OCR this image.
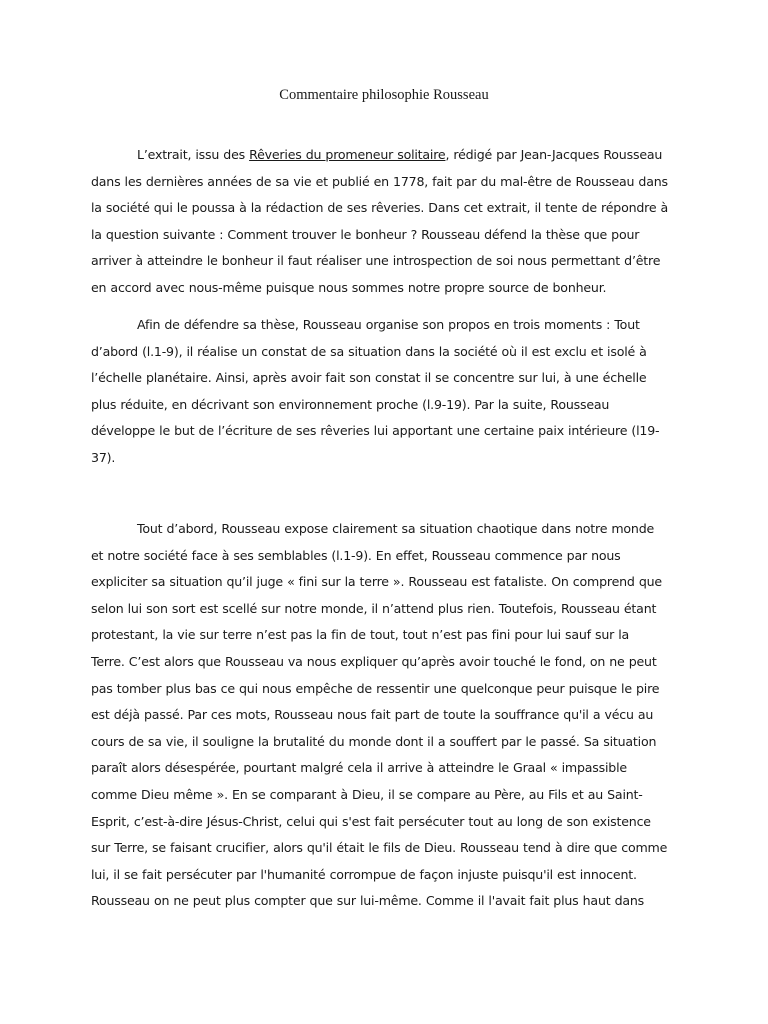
Commentaire philosophie Rousseau
L’extrait, issu des Rêveries du promeneur solitaire, rédigé par Jean-Jacques Rousseau
dans les dernières années de sa vie et publié en 1778, fait par du mal-être de Rousseau dans
la société qui le poussa à la rédaction de ses rêveries. Dans cet extrait, il tente de répondre à
la question suivante : Comment trouver le bonheur ? Rousseau défend la thèse que pour
arriver à atteindre le bonheur il faut réaliser une introspection de soi nous permettant d’être
en accord avec nous-même puisque nous sommes notre propre source de bonheur.
Afin de défendre sa thèse, Rousseau organise son propos en trois moments : Tout
d’abord (l.1-9), il réalise un constat de sa situation dans la société où il est exclu et isolé à
l’échelle planétaire. Ainsi, après avoir fait son constat il se concentre sur lui, à une échelle
plus réduite, en décrivant son environnement proche (l.9-19). Par la suite, Rousseau
développe le but de l’écriture de ses rêveries lui apportant une certaine paix intérieure (l19-
37).
Tout d’abord, Rousseau expose clairement sa situation chaotique dans notre monde
et notre société face à ses semblables (l.1-9). En effet, Rousseau commence par nous
expliciter sa situation qu’il juge « fini sur la terre ». Rousseau est fataliste. On comprend que
selon lui son sort est scellé sur notre monde, il n’attend plus rien. Toutefois, Rousseau étant
protestant, la vie sur terre n’est pas la fin de tout, tout n’est pas fini pour lui sauf sur la
Terre. C’est alors que Rousseau va nous expliquer qu’après avoir touché le fond, on ne peut
pas tomber plus bas ce qui nous empêche de ressentir une quelconque peur puisque le pire
est déjà passé. Par ces mots, Rousseau nous fait part de toute la souffrance qu'il a vécu au
cours de sa vie, il souligne la brutalité du monde dont il a souffert par le passé. Sa situation
paraît alors désespérée, pourtant malgré cela il arrive à atteindre le Graal « impassible
comme Dieu même ». En se comparant à Dieu, il se compare au Père, au Fils et au Saint-
Esprit, c’est-à-dire Jésus-Christ, celui qui s'est fait persécuter tout au long de son existence
sur Terre, se faisant crucifier, alors qu'il était le fils de Dieu. Rousseau tend à dire que comme
lui, il se fait persécuter par l'humanité corrompue de façon injuste puisqu'il est innocent.
Rousseau on ne peut plus compter que sur lui-même. Comme il l'avait fait plus haut dans
